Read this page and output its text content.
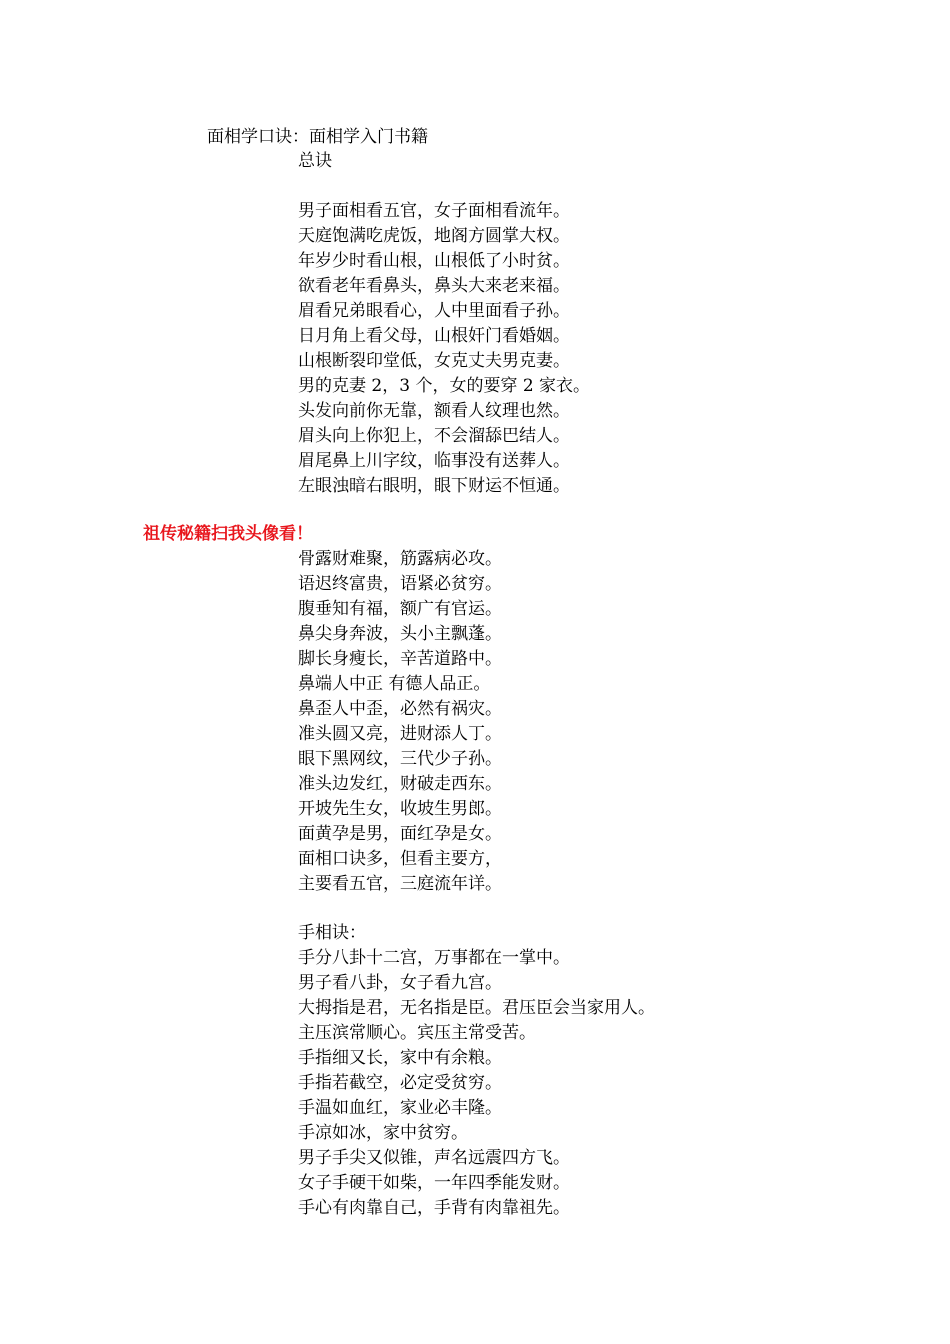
面相学口诀：面相学入门书籍
总诀
男子面相看五官，女子面相看流年。
天庭饱满吃虎饭，地阁方圆掌大权。
年岁少时看山根，山根低了小时贫。
欲看老年看鼻头，鼻头大来老来福。
眉看兄弟眼看心，人中里面看子孙。
日月角上看父母，山根奸门看婚姻。
山根断裂印堂低，女克丈夫男克妻。
男的克妻 2，3 个，女的要穿 2 家衣。
头发向前你无靠，额看人纹理也然。
眉头向上你犯上，不会溜舔巴结人。
眉尾鼻上川字纹，临事没有送葬人。
左眼浊暗右眼明，眼下财运不恒通。
祖传秘籍扫我头像看！
骨露财难聚，筋露病必攻。
语迟终富贵，语紧必贫穷。
腹垂知有福，额广有官运。
鼻尖身奔波，头小主飘蓬。
脚长身瘦长，辛苦道路中。
鼻端人中正 有德人品正。
鼻歪人中歪，必然有祸灾。
准头圆又亮，进财添人丁。
眼下黑网纹，三代少子孙。
准头边发红，财破走西东。
开坡先生女，收坡生男郎。
面黄孕是男，面红孕是女。
面相口诀多，但看主要方，
主要看五官，三庭流年详。
手相诀：
手分八卦十二宫，万事都在一掌中。
男子看八卦，女子看九宫。
大拇指是君，无名指是臣。君压臣会当家用人。
主压滨常顺心。宾压主常受苦。
手指细又长，家中有余粮。
手指若截空，必定受贫穷。
手温如血红，家业必丰隆。
手凉如冰，家中贫穷。
男子手尖又似锥，声名远震四方飞。
女子手硬干如柴，一年四季能发财。
手心有肉靠自己，手背有肉靠祖先。
